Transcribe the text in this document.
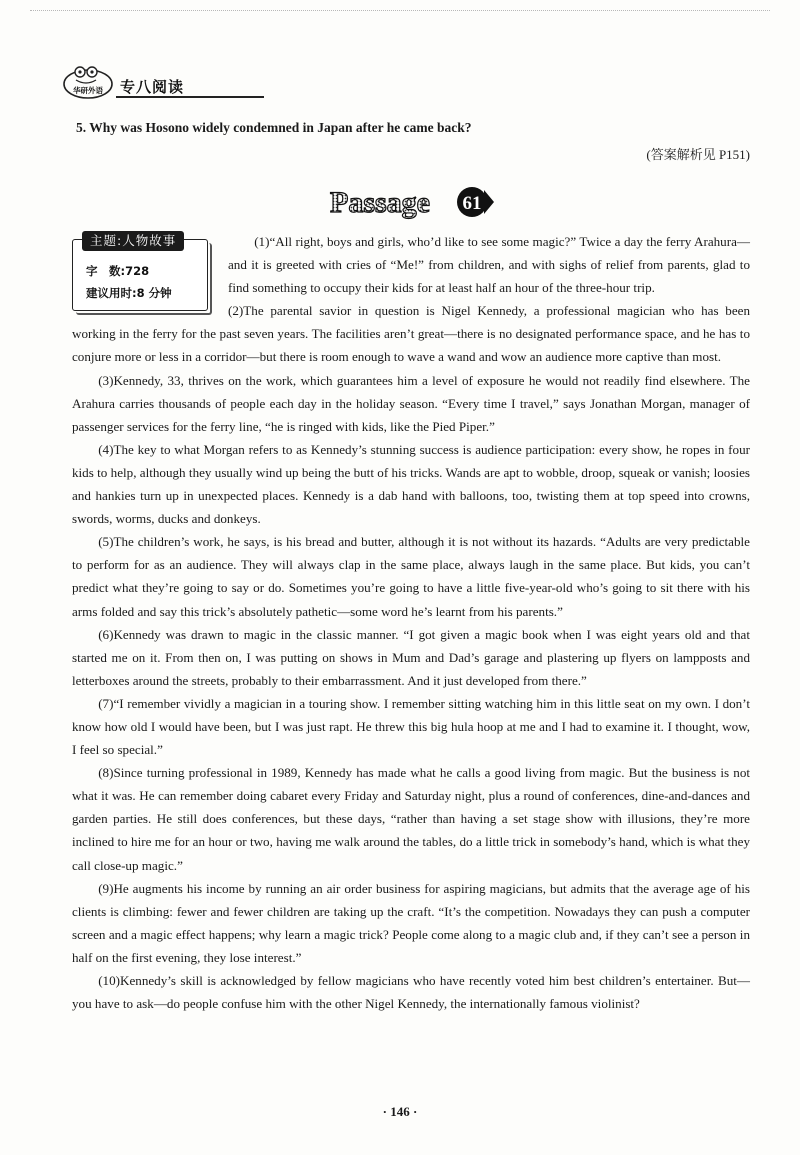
华研外语 专八阅读
5. Why was Hosono widely condemned in Japan after he came back?
(答案解析见 P151)
Passage 61
主题:人物故事
字　数:728
建议用时:8 分钟

(1)“All right, boys and girls, who’d like to see some magic?” Twice a day the ferry Arahura—and it is greeted with cries of “Me!” from children, and with sighs of relief from parents, glad to find something to occupy their kids for at least half an hour of the three-hour trip.

(2)The parental savior in question is Nigel Kennedy, a professional magician who has been working in the ferry for the past seven years. The facilities aren’t great—there is no designated performance space, and he has to conjure more or less in a corridor—but there is room enough to wave a wand and wow an audience more captive than most.

(3)Kennedy, 33, thrives on the work, which guarantees him a level of exposure he would not readily find elsewhere. The Arahura carries thousands of people each day in the holiday season. “Every time I travel,” says Jonathan Morgan, manager of passenger services for the ferry line, “he is ringed with kids, like the Pied Piper.”

(4)The key to what Morgan refers to as Kennedy’s stunning success is audience participation: every show, he ropes in four kids to help, although they usually wind up being the butt of his tricks. Wands are apt to wobble, droop, squeak or vanish; loosies and hankies turn up in unexpected places. Kennedy is a dab hand with balloons, too, twisting them at top speed into crowns, swords, worms, ducks and donkeys.

(5)The children’s work, he says, is his bread and butter, although it is not without its hazards. “Adults are very predictable to perform for as an audience. They will always clap in the same place, always laugh in the same place. But kids, you can’t predict what they’re going to say or do. Sometimes you’re going to have a little five-year-old who’s going to sit there with his arms folded and say this trick’s absolutely pathetic—some word he’s learnt from his parents.”

(6)Kennedy was drawn to magic in the classic manner. “I got given a magic book when I was eight years old and that started me on it. From then on, I was putting on shows in Mum and Dad’s garage and plastering up flyers on lampposts and letterboxes around the streets, probably to their embarrassment. And it just developed from there.”

(7)“I remember vividly a magician in a touring show. I remember sitting watching him in this little seat on my own. I don’t know how old I would have been, but I was just rapt. He threw this big hula hoop at me and I had to examine it. I thought, wow, I feel so special.”

(8)Since turning professional in 1989, Kennedy has made what he calls a good living from magic. But the business is not what it was. He can remember doing cabaret every Friday and Saturday night, plus a round of conferences, dine-and-dances and garden parties. He still does conferences, but these days, “rather than having a set stage show with illusions, they’re more inclined to hire me for an hour or two, having me walk around the tables, do a little trick in somebody’s hand, which is what they call close-up magic.”

(9)He augments his income by running an air order business for aspiring magicians, but admits that the average age of his clients is climbing: fewer and fewer children are taking up the craft. “It’s the competition. Nowadays they can push a computer screen and a magic effect happens; why learn a magic trick? People come along to a magic club and, if they can’t see a person in half on the first evening, they lose interest.”

(10)Kennedy’s skill is acknowledged by fellow magicians who have recently voted him best children’s entertainer. But—you have to ask—do people confuse him with the other Nigel Kennedy, the internationally famous violinist?

· 146 ·
